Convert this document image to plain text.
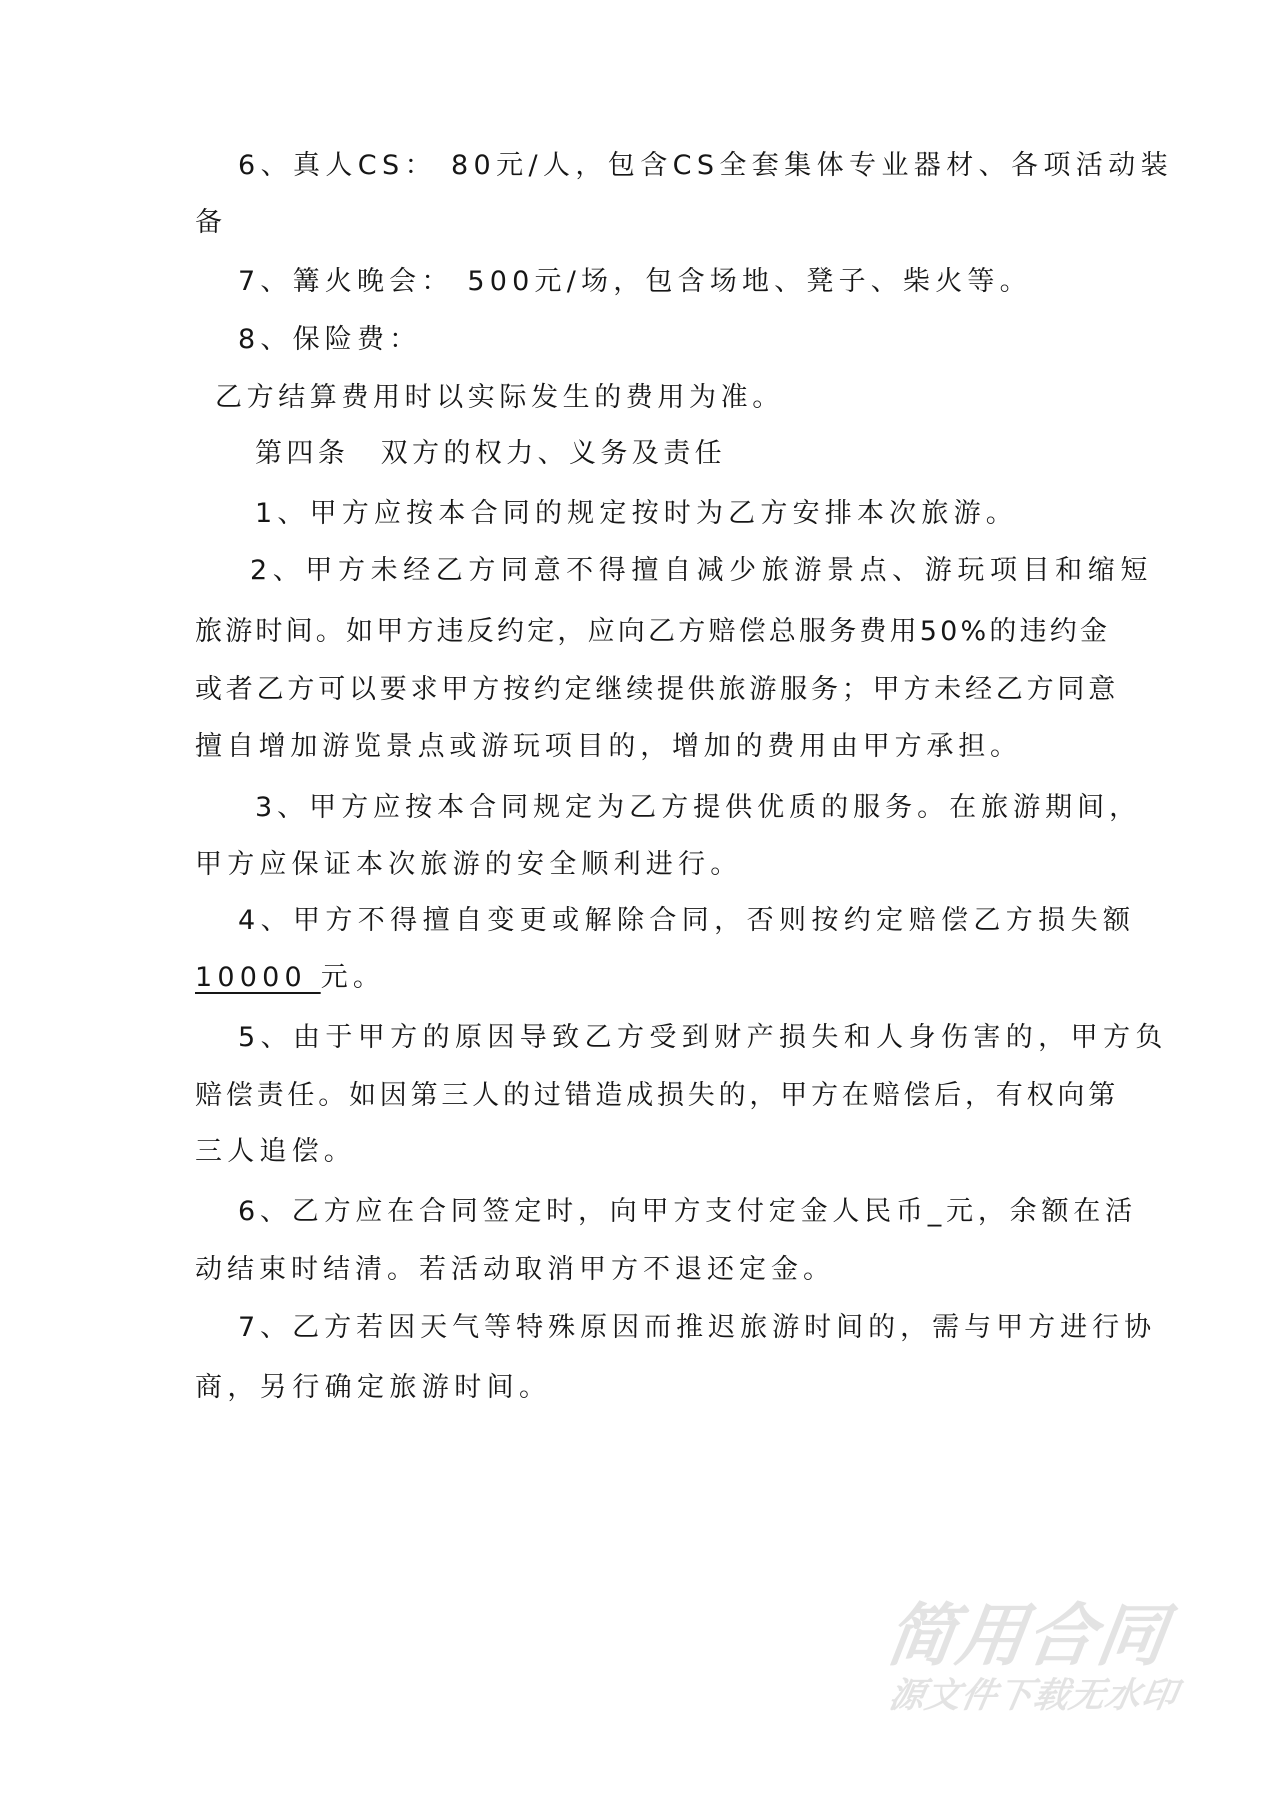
6、真人CS： 80元/人，包含CS全套集体专业器材、各项活动装
备
7、篝火晚会： 500元/场，包含场地、凳子、柴火等。
8、保险费：
乙方结算费用时以实际发生的费用为准。
第四条　双方的权力、义务及责任
1、甲方应按本合同的规定按时为乙方安排本次旅游。
2、甲方未经乙方同意不得擅自减少旅游景点、游玩项目和缩短
旅游时间。如甲方违反约定，应向乙方赔偿总服务费用50%的违约金
或者乙方可以要求甲方按约定继续提供旅游服务；甲方未经乙方同意
擅自增加游览景点或游玩项目的，增加的费用由甲方承担。
3、甲方应按本合同规定为乙方提供优质的服务。在旅游期间，
甲方应保证本次旅游的安全顺利进行。
4、甲方不得擅自变更或解除合同，否则按约定赔偿乙方损失额
10000 元。
5、由于甲方的原因导致乙方受到财产损失和人身伤害的，甲方负
赔偿责任。如因第三人的过错造成损失的，甲方在赔偿后，有权向第
三人追偿。
6、乙方应在合同签定时，向甲方支付定金人民币_元，余额在活
动结束时结清。若活动取消甲方不退还定金。
7、乙方若因天气等特殊原因而推迟旅游时间的，需与甲方进行协
商，另行确定旅游时间。
简用合同
源文件下载无水印
